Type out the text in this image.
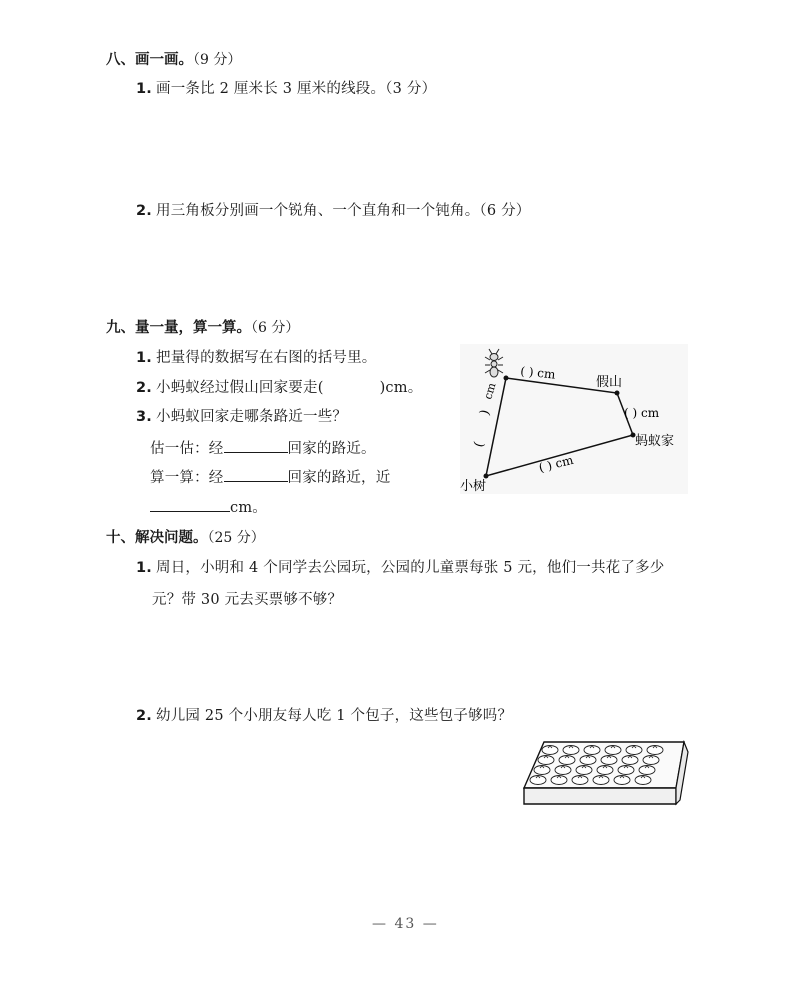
八、画一画。（9 分）
1. 画一条比 2 厘米长 3 厘米的线段。（3 分）
2. 用三角板分别画一个锐角、一个直角和一个钝角。（6 分）
九、量一量，算一算。（6 分）
1. 把量得的数据写在右图的括号里。
2. 小蚂蚁经过假山回家要走(	)cm。
3. 小蚂蚁回家走哪条路近一些？
估一估：经	回家的路近。
算一算：经	回家的路近，近
cm。
假山
蚂蚁家
小树
( ) cm
( ) cm
( ) cm
cm
)
(
十、解决问题。（25 分）
1. 周日，小明和 4 个同学去公园玩，公园的儿童票每张 5 元，他们一共花了多少
元？带 30 元去买票够不够？
2. 幼儿园 25 个小朋友每人吃 1 个包子，这些包子够吗？
— 43 —
